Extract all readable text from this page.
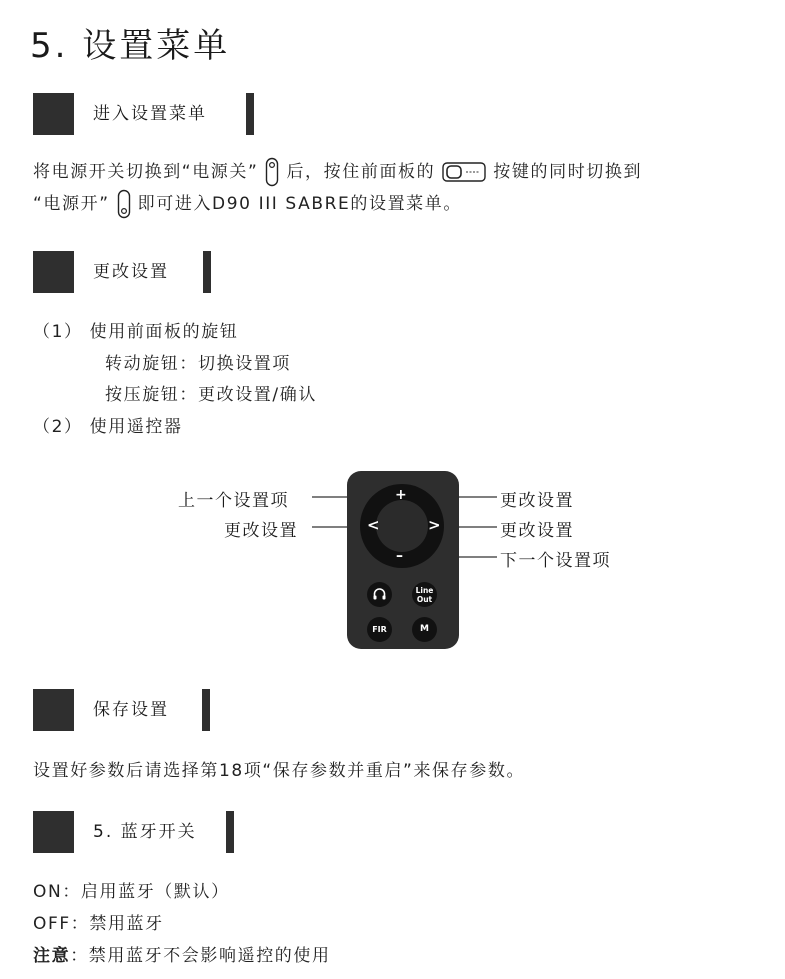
5. 设置菜单
进入设置菜单
将电源开关切换到“电源关” 后，按住前面板的	按键的同时切换到
“电源开” 即可进入D90 III SABRE的设置菜单。
更改设置
（1） 使用前面板的旋钮
转动旋钮：切换设置项
按压旋钮：更改设置/确认
（2） 使用遥控器
+
–
<	>
Line Out
FIR	M
上一个设置项
更改设置
更改设置
更改设置
下一个设置项
保存设置
设置好参数后请选择第18项“保存参数并重启”来保存参数。
5. 蓝牙开关
ON：启用蓝牙（默认）
OFF：禁用蓝牙
注意：禁用蓝牙不会影响遥控的使用
